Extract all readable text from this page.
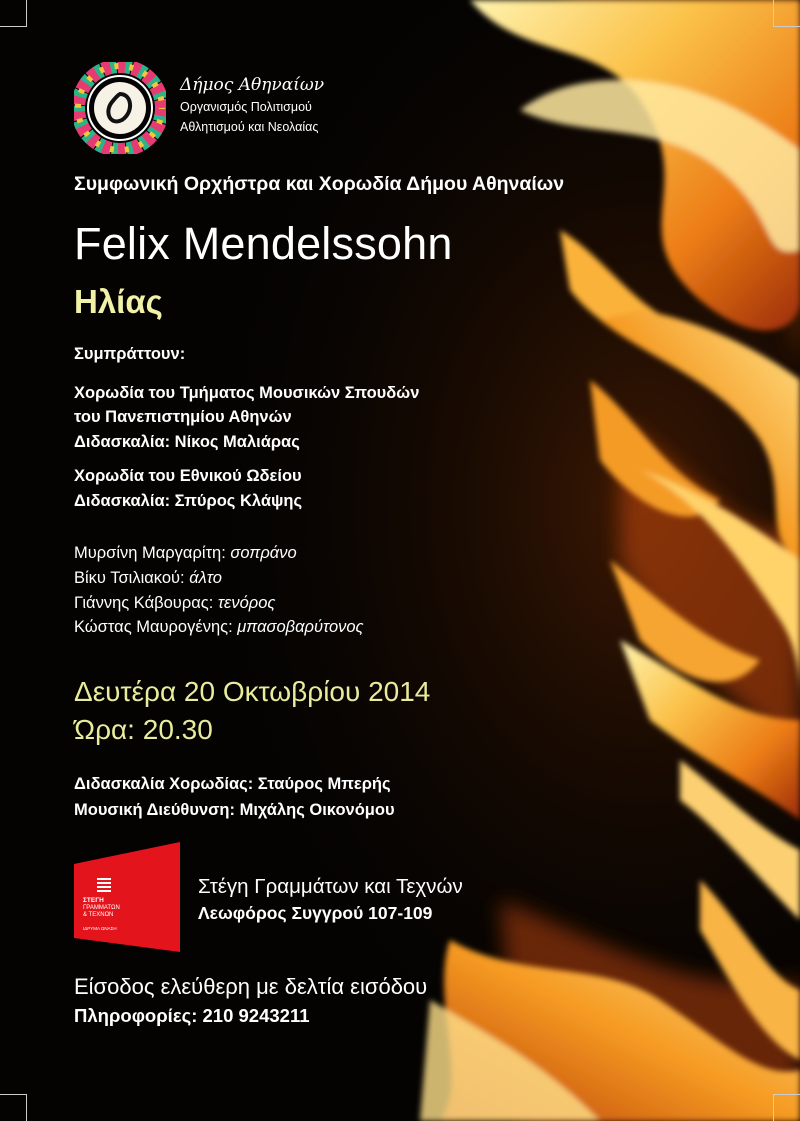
Δήμος Αθηναίων
Οργανισμός Πολιτισμού
Αθλητισμού και Νεολαίας
Συμφωνική Ορχήστρα και Χορωδία Δήμου Αθηναίων
Felix Mendelssohn
Ηλίας
Συμπράττουν:
Χορωδία του Τμήματος Μουσικών Σπουδών
του Πανεπιστημίου Αθηνών
Διδασκαλία: Νίκος Μαλιάρας
Χορωδία του Εθνικού Ωδείου
Διδασκαλία: Σπύρος Κλάψης
Μυρσίνη Μαργαρίτη: σοπράνο
Βίκυ Τσιλιακού: άλτο
Γιάννης Κάβουρας: τενόρος
Κώστας Μαυρογένης: μπασοβαρύτονος
Δευτέρα 20 Οκτωβρίου 2014
Ώρα: 20.30
Διδασκαλία Χορωδίας: Σταύρος Μπερής
Μουσική Διεύθυνση: Μιχάλης Οικονόμου
ΣΤΕΓΗ
ΓΡΑΜΜΑΤΩΝ
& ΤΕΧΝΩΝ
ΙΔΡΥΜΑ ΩΝΑΣΗ
Στέγη Γραμμάτων και Τεχνών
Λεωφόρος Συγγρού 107-109
Είσοδος ελεύθερη με δελτία εισόδου
Πληροφορίες: 210 9243211
